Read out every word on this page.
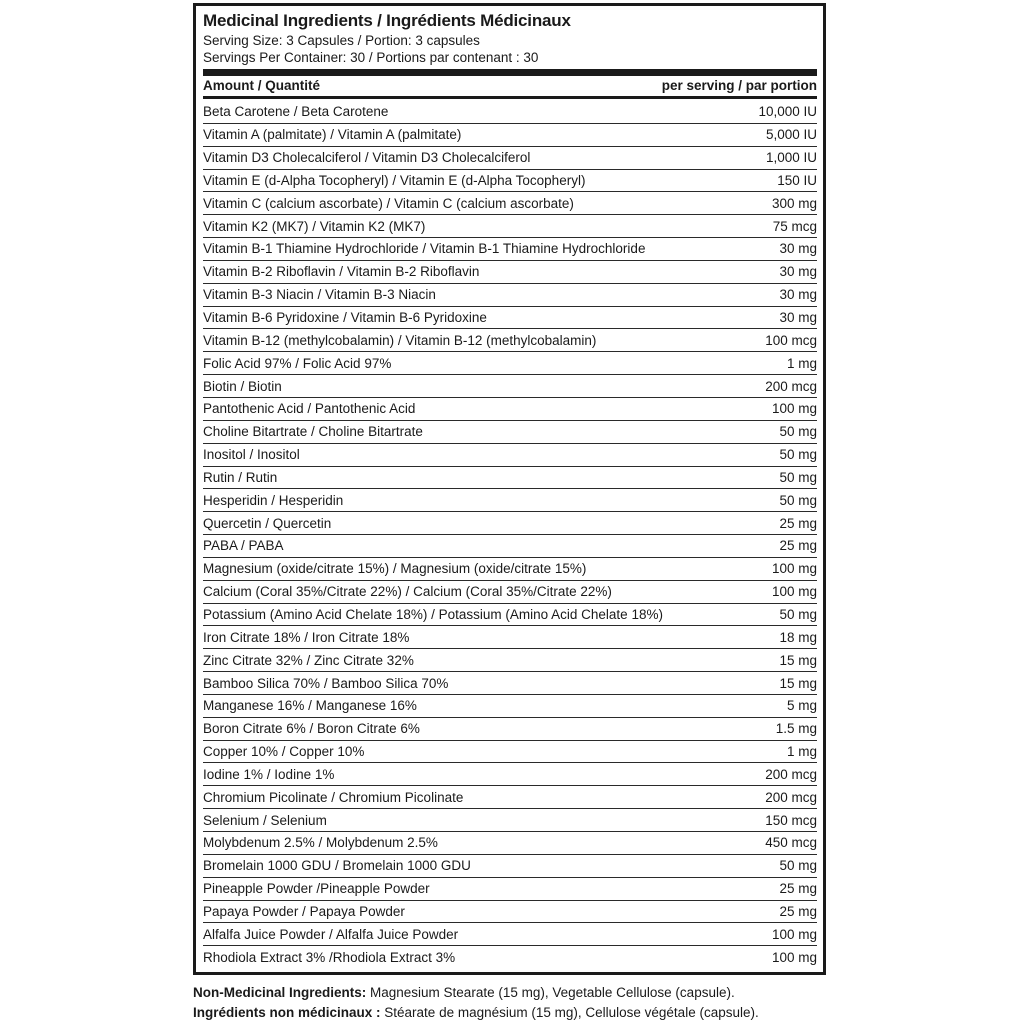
Medicinal Ingredients / Ingrédients Médicinaux
Serving Size: 3 Capsules / Portion: 3 capsules
Servings Per Container: 30 / Portions par contenant : 30
Amount / Quantité	per serving / par portion
Beta Carotene / Beta Carotene	10,000 IU
Vitamin A (palmitate) / Vitamin A (palmitate)	5,000 IU
Vitamin D3 Cholecalciferol / Vitamin D3 Cholecalciferol	1,000 IU
Vitamin E (d-Alpha Tocopheryl) / Vitamin E (d-Alpha Tocopheryl)	150 IU
Vitamin C (calcium ascorbate) / Vitamin C (calcium ascorbate)	300 mg
Vitamin K2 (MK7) / Vitamin K2 (MK7)	75 mcg
Vitamin B-1 Thiamine Hydrochloride / Vitamin B-1 Thiamine Hydrochloride	30 mg
Vitamin B-2 Riboflavin / Vitamin B-2 Riboflavin	30 mg
Vitamin B-3 Niacin / Vitamin B-3 Niacin	30 mg
Vitamin B-6 Pyridoxine / Vitamin B-6 Pyridoxine	30 mg
Vitamin B-12 (methylcobalamin) / Vitamin B-12 (methylcobalamin)	100 mcg
Folic Acid 97% / Folic Acid 97%	1 mg
Biotin / Biotin	200 mcg
Pantothenic Acid / Pantothenic Acid	100 mg
Choline Bitartrate / Choline Bitartrate	50 mg
Inositol / Inositol	50 mg
Rutin / Rutin	50 mg
Hesperidin / Hesperidin	50 mg
Quercetin / Quercetin	25 mg
PABA / PABA	25 mg
Magnesium (oxide/citrate 15%) / Magnesium (oxide/citrate 15%)	100 mg
Calcium (Coral 35%/Citrate 22%) / Calcium (Coral 35%/Citrate 22%)	100 mg
Potassium (Amino Acid Chelate 18%) / Potassium (Amino Acid Chelate 18%)	50 mg
Iron Citrate 18% / Iron Citrate 18%	18 mg
Zinc Citrate 32% / Zinc Citrate 32%	15 mg
Bamboo Silica 70% / Bamboo Silica 70%	15 mg
Manganese 16% / Manganese 16%	5 mg
Boron Citrate 6% / Boron Citrate 6%	1.5 mg
Copper 10% / Copper 10%	1 mg
Iodine 1% / Iodine 1%	200 mcg
Chromium Picolinate / Chromium Picolinate	200 mcg
Selenium / Selenium	150 mcg
Molybdenum 2.5% / Molybdenum 2.5%	450 mcg
Bromelain 1000 GDU / Bromelain 1000 GDU	50 mg
Pineapple Powder /Pineapple Powder	25 mg
Papaya Powder / Papaya Powder	25 mg
Alfalfa Juice Powder / Alfalfa Juice Powder	100 mg
Rhodiola Extract 3% /Rhodiola Extract 3%	100 mg
Non-Medicinal Ingredients: Magnesium Stearate (15 mg), Vegetable Cellulose (capsule).
Ingrédients non médicinaux : Stéarate de magnésium (15 mg), Cellulose végétale (capsule).
